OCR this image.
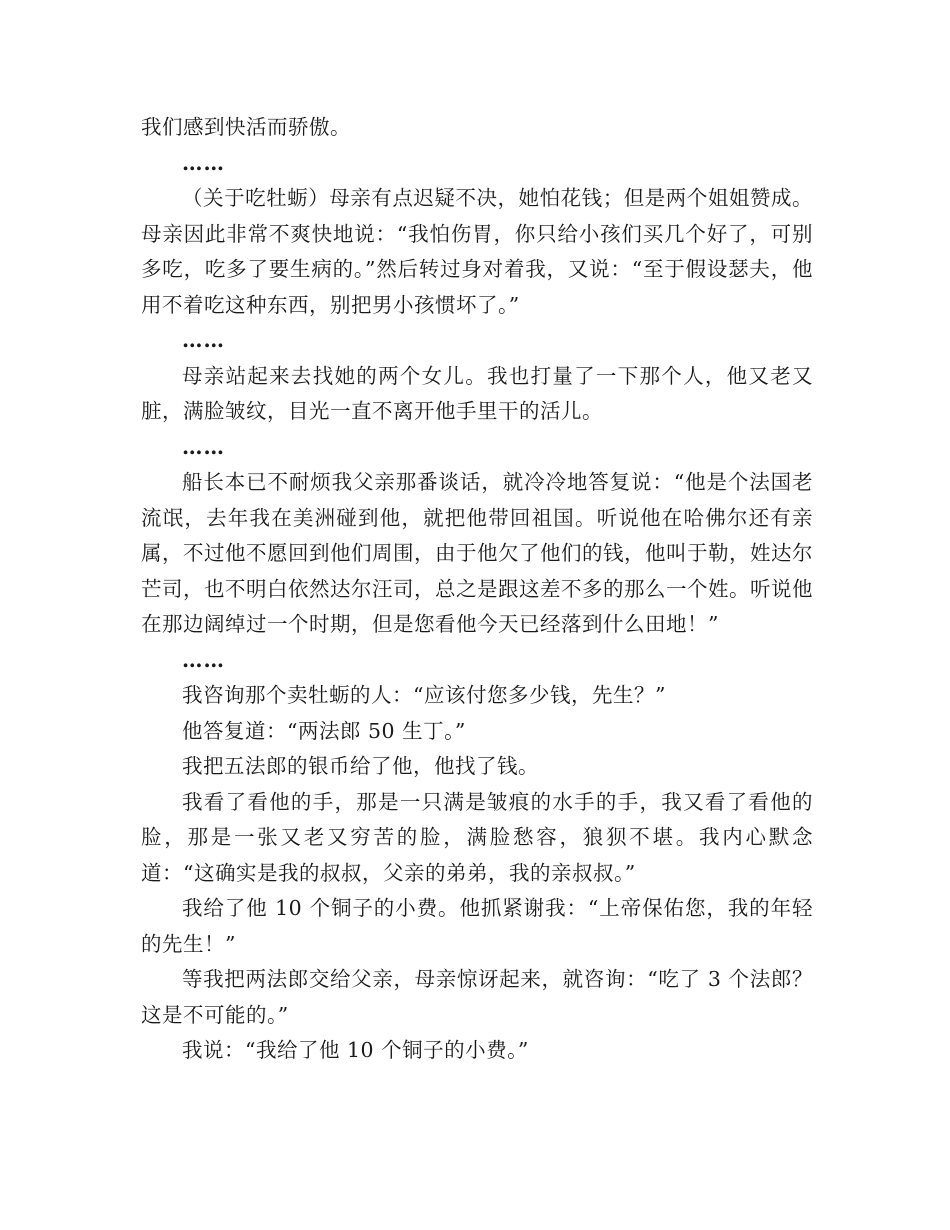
我们感到快活而骄傲。

……

（关于吃牡蛎）母亲有点迟疑不决，她怕花钱；但是两个姐姐赞成。母亲因此非常不爽快地说：“我怕伤胃，你只给小孩们买几个好了，可别多吃，吃多了要生病的。”然后转过身对着我，又说：“至于假设瑟夫，他用不着吃这种东西，别把男小孩惯坏了。”

……

母亲站起来去找她的两个女儿。我也打量了一下那个人，他又老又脏，满脸皱纹，目光一直不离开他手里干的活儿。

……

船长本已不耐烦我父亲那番谈话，就冷冷地答复说：“他是个法国老流氓，去年我在美洲碰到他，就把他带回祖国。听说他在哈佛尔还有亲属，不过他不愿回到他们周围，由于他欠了他们的钱，他叫于勒，姓达尔芒司，也不明白依然达尔汪司，总之是跟这差不多的那么一个姓。听说他在那边阔绰过一个时期，但是您看他今天已经落到什么田地！”

……

我咨询那个卖牡蛎的人：“应该付您多少钱，先生？”

他答复道：“两法郎 50 生丁。”

我把五法郎的银币给了他，他找了钱。

我看了看他的手，那是一只满是皱痕的水手的手，我又看了看他的脸，那是一张又老又穷苦的脸，满脸愁容，狼狈不堪。我内心默念道：“这确实是我的叔叔，父亲的弟弟，我的亲叔叔。”

我给了他 10 个铜子的小费。他抓紧谢我：“上帝保佑您，我的年轻的先生！”

等我把两法郎交给父亲，母亲惊讶起来，就咨询：“吃了 3 个法郎？这是不可能的。”

我说：“我给了他 10 个铜子的小费。”
